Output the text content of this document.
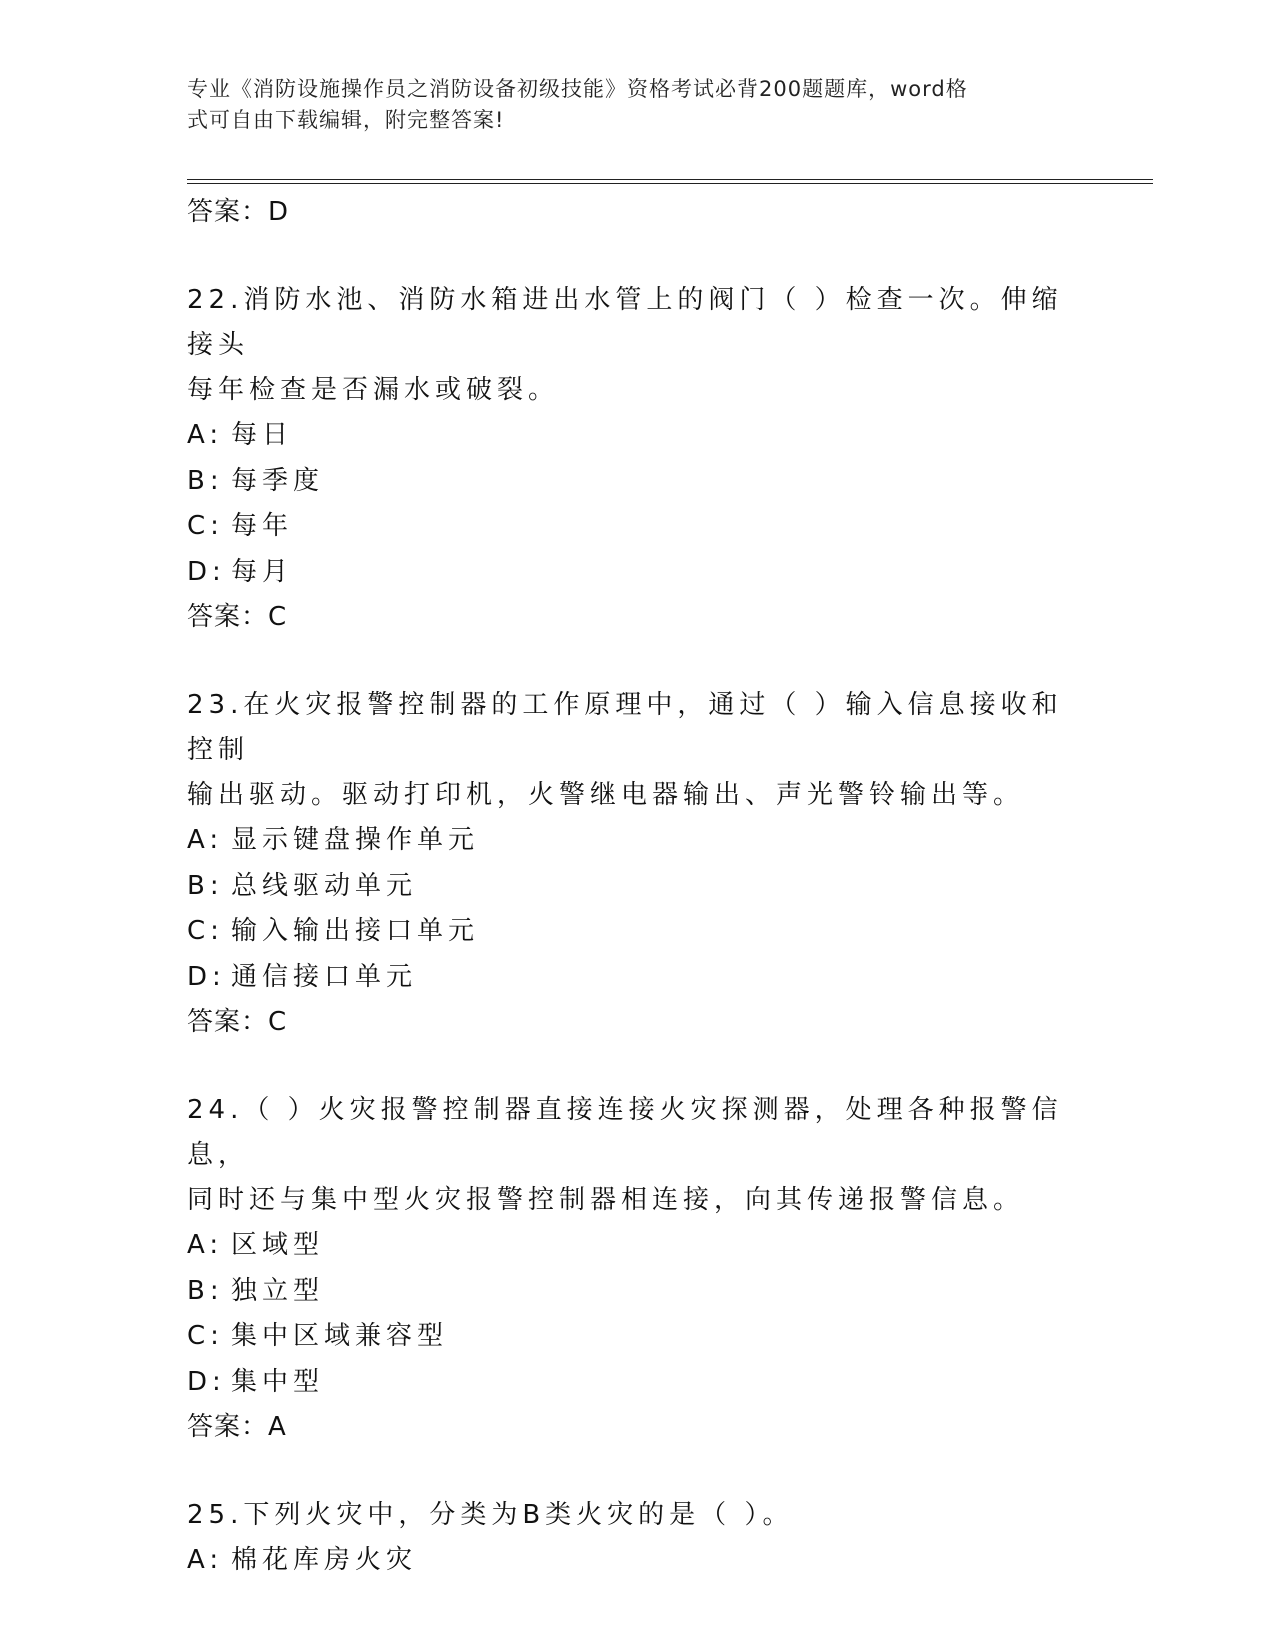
专业《消防设施操作员之消防设备初级技能》资格考试必背200题题库，word格
式可自由下载编辑，附完整答案!

答案：D

22.消防水池、消防水箱进出水管上的阀门（ ）检查一次。伸缩接头

每年检查是否漏水或破裂。

A: 每日
B: 每季度
C: 每年
D: 每月

答案：C

23.在火灾报警控制器的工作原理中，通过（ ）输入信息接收和控制

输出驱动。驱动打印机，火警继电器输出、声光警铃输出等。

A: 显示键盘操作单元
B: 总线驱动单元
C: 输入输出接口单元
D: 通信接口单元

答案：C

24.（ ）火灾报警控制器直接连接火灾探测器，处理各种报警信息，

同时还与集中型火灾报警控制器相连接，向其传递报警信息。

A: 区域型
B: 独立型
C: 集中区域兼容型
D: 集中型

答案：A

25.下列火灾中，分类为B类火灾的是（ ）。

A: 棉花库房火灾
